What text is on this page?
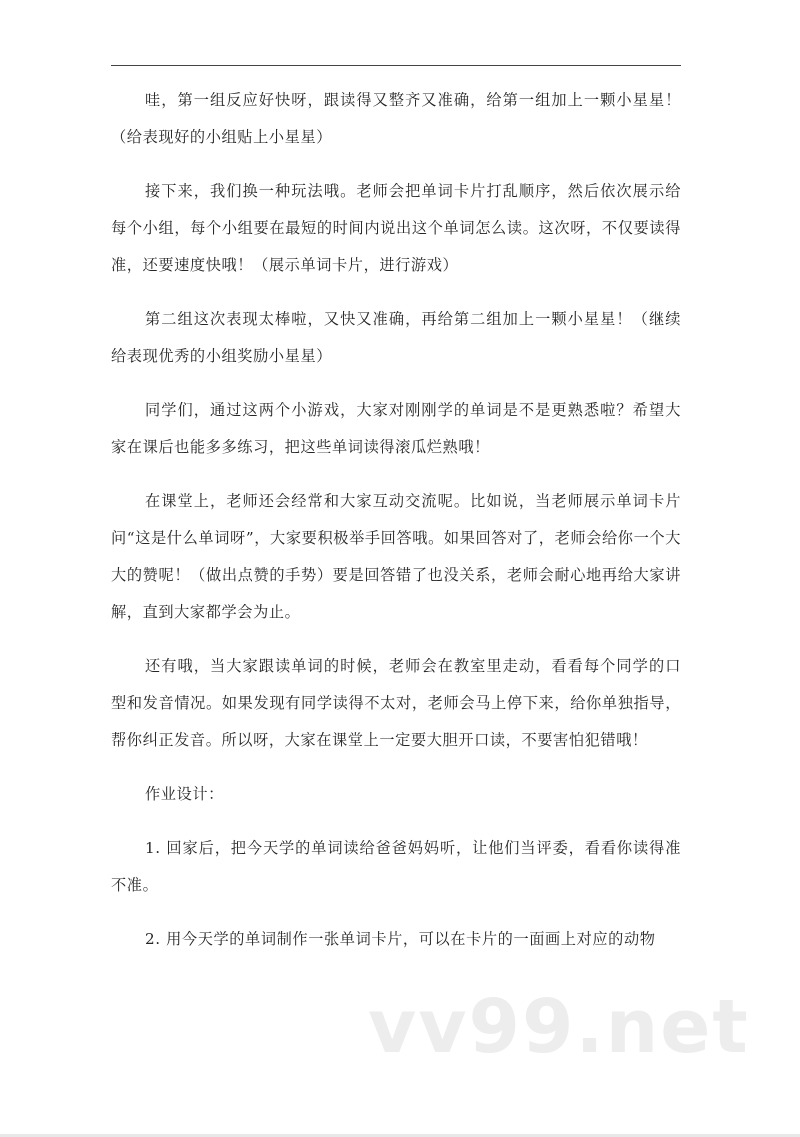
哇，第一组反应好快呀，跟读得又整齐又准确，给第一组加上一颗小星星！（给表现好的小组贴上小星星）

接下来，我们换一种玩法哦。老师会把单词卡片打乱顺序，然后依次展示给每个小组，每个小组要在最短的时间内说出这个单词怎么读。这次呀，不仅要读得准，还要速度快哦！（展示单词卡片，进行游戏）

第二组这次表现太棒啦，又快又准确，再给第二组加上一颗小星星！（继续给表现优秀的小组奖励小星星）

同学们，通过这两个小游戏，大家对刚刚学的单词是不是更熟悉啦？希望大家在课后也能多多练习，把这些单词读得滚瓜烂熟哦！

在课堂上，老师还会经常和大家互动交流呢。比如说，当老师展示单词卡片问“这是什么单词呀”，大家要积极举手回答哦。如果回答对了，老师会给你一个大大的赞呢！（做出点赞的手势）要是回答错了也没关系，老师会耐心地再给大家讲解，直到大家都学会为止。

还有哦，当大家跟读单词的时候，老师会在教室里走动，看看每个同学的口型和发音情况。如果发现有同学读得不太对，老师会马上停下来，给你单独指导，帮你纠正发音。所以呀，大家在课堂上一定要大胆开口读，不要害怕犯错哦！

作业设计：

1. 回家后，把今天学的单词读给爸爸妈妈听，让他们当评委，看看你读得准不准。

2. 用今天学的单词制作一张单词卡片，可以在卡片的一面画上对应的动物

vv99.net
